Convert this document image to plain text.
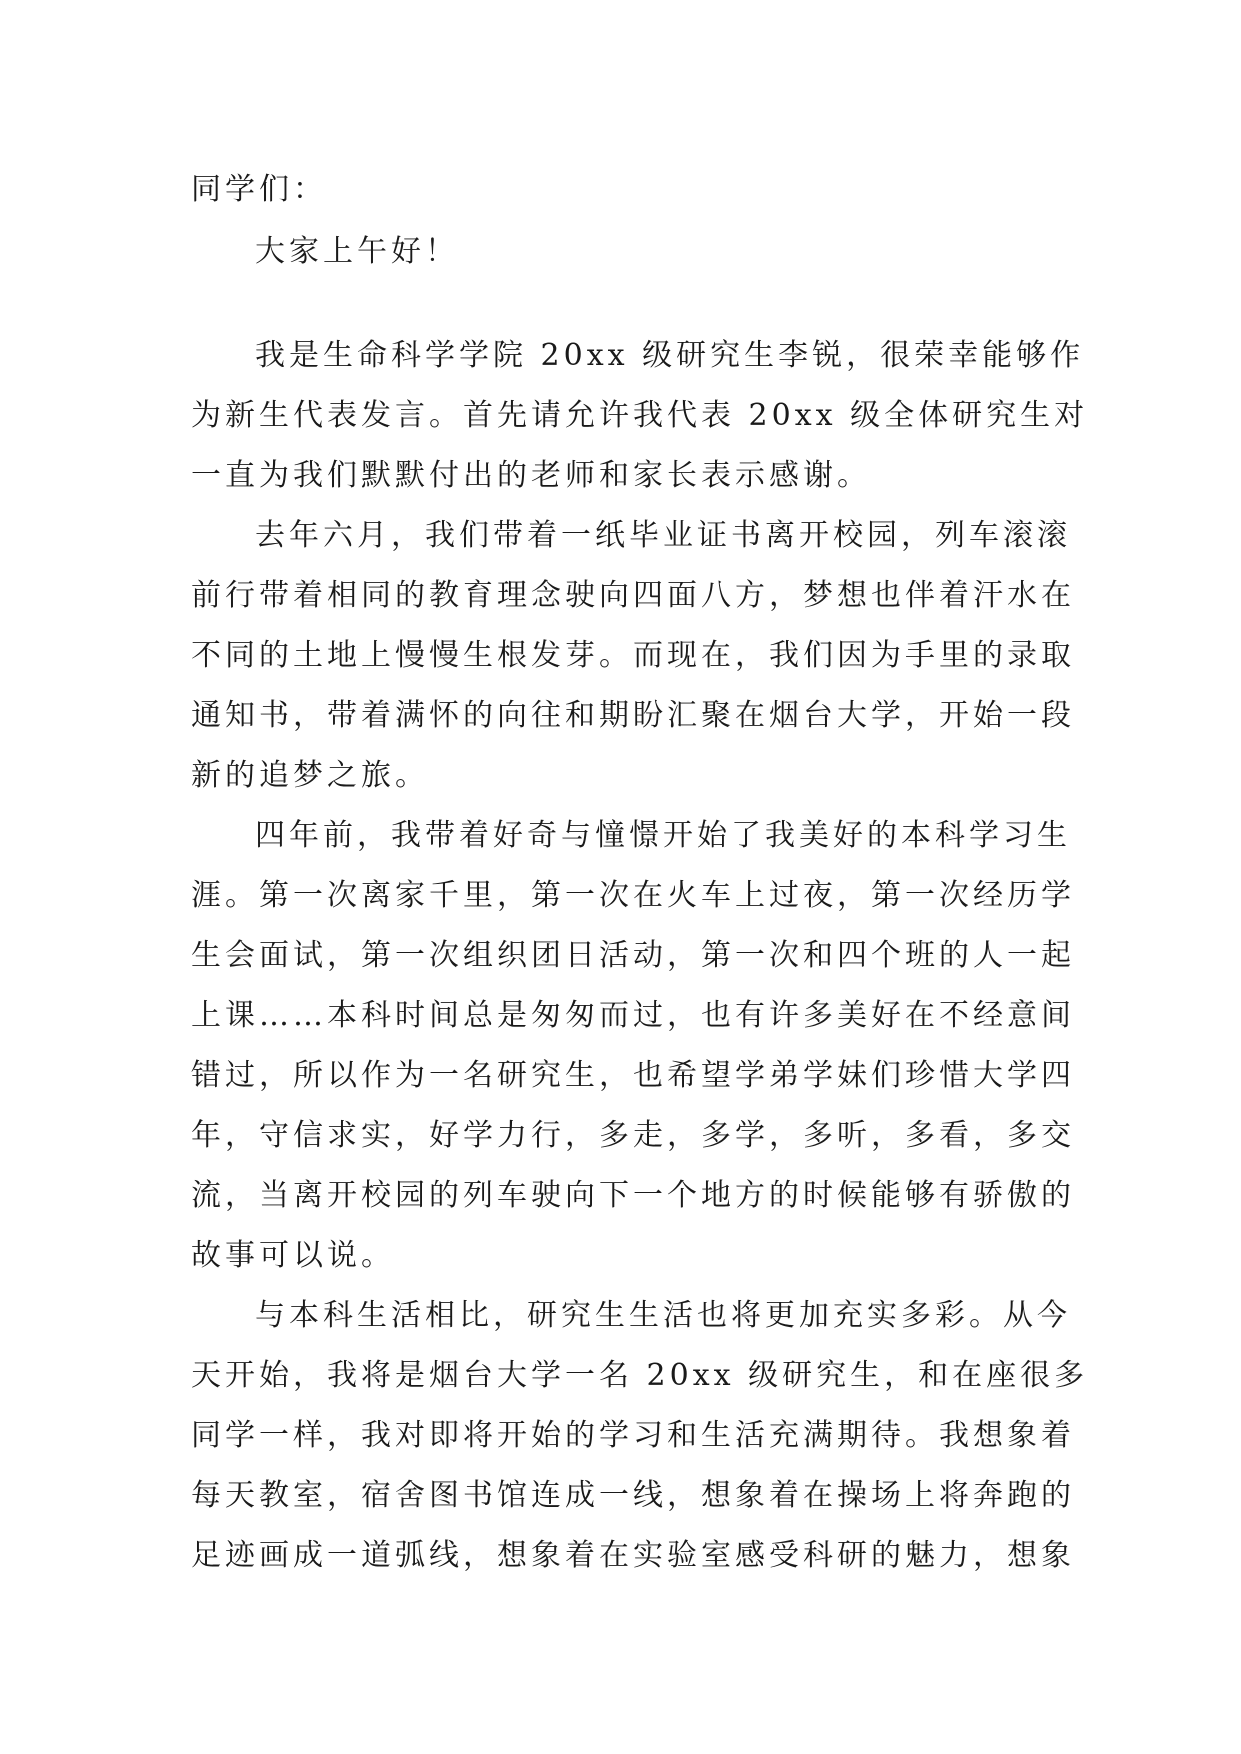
同学们：
大家上午好！
我是生命科学学院 20xx 级研究生李锐，很荣幸能够作
为新生代表发言。首先请允许我代表 20xx 级全体研究生对
一直为我们默默付出的老师和家长表示感谢。
去年六月，我们带着一纸毕业证书离开校园，列车滚滚
前行带着相同的教育理念驶向四面八方，梦想也伴着汗水在
不同的土地上慢慢生根发芽。而现在，我们因为手里的录取
通知书，带着满怀的向往和期盼汇聚在烟台大学，开始一段
新的追梦之旅。
四年前，我带着好奇与憧憬开始了我美好的本科学习生
涯。第一次离家千里，第一次在火车上过夜，第一次经历学
生会面试，第一次组织团日活动，第一次和四个班的人一起
上课……本科时间总是匆匆而过，也有许多美好在不经意间
错过，所以作为一名研究生，也希望学弟学妹们珍惜大学四
年，守信求实，好学力行，多走，多学，多听，多看，多交
流，当离开校园的列车驶向下一个地方的时候能够有骄傲的
故事可以说。
与本科生活相比，研究生生活也将更加充实多彩。从今
天开始，我将是烟台大学一名 20xx 级研究生，和在座很多
同学一样，我对即将开始的学习和生活充满期待。我想象着
每天教室，宿舍图书馆连成一线，想象着在操场上将奔跑的
足迹画成一道弧线，想象着在实验室感受科研的魅力，想象
